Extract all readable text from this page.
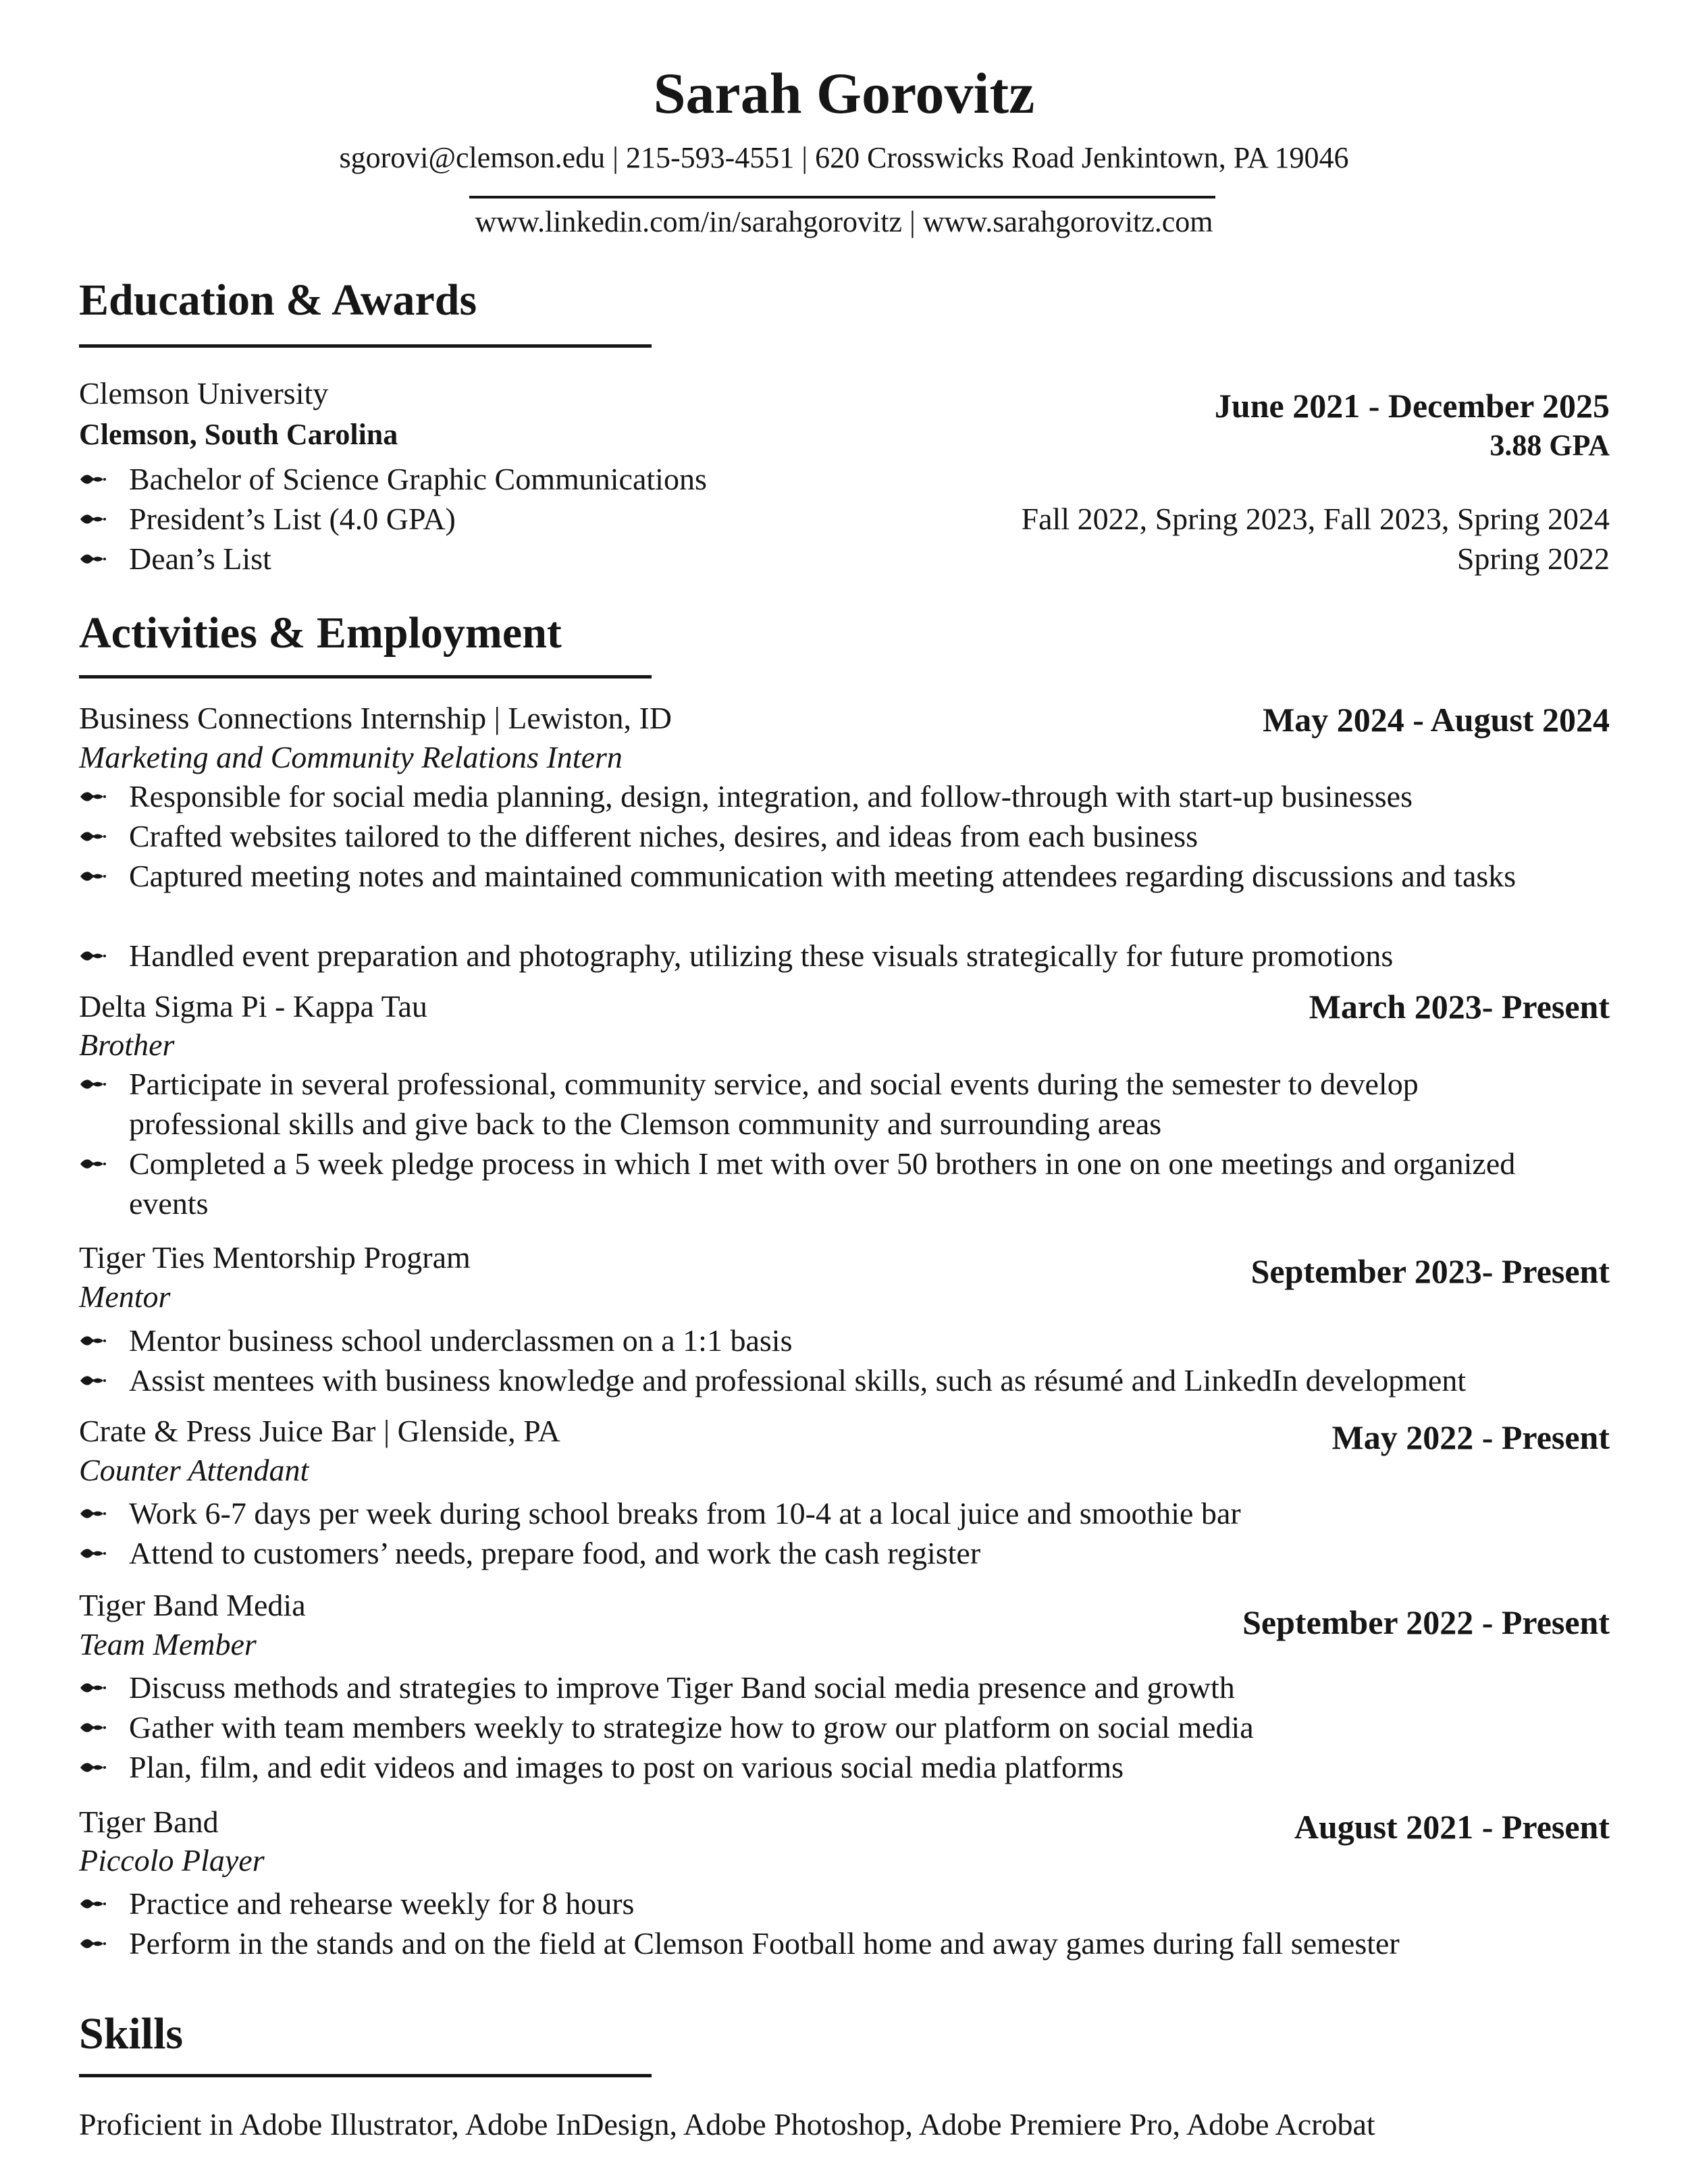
Sarah Gorovitz
sgorovi@clemson.edu | 215-593-4551 | 620 Crosswicks Road Jenkintown, PA 19046
www.linkedin.com/in/sarahgorovitz | www.sarahgorovitz.com
Education & Awards
Clemson University
Clemson, South Carolina
June 2021 - December 2025
3.88 GPA
Bachelor of Science Graphic Communications
President’s List (4.0 GPA)	Fall 2022, Spring 2023, Fall 2023, Spring 2024
Dean’s List	Spring 2022
Activities & Employment
Business Connections Internship | Lewiston, ID	May 2024 - August 2024
Marketing and Community Relations Intern
Responsible for social media planning, design, integration, and follow-through with start-up businesses
Crafted websites tailored to the different niches, desires, and ideas from each business
Captured meeting notes and maintained communication with meeting attendees regarding discussions and tasks
Handled event preparation and photography, utilizing these visuals strategically for future promotions
Delta Sigma Pi - Kappa Tau	March 2023- Present
Brother
Participate in several professional, community service, and social events during the semester to develop professional skills and give back to the Clemson community and surrounding areas
Completed a 5 week pledge process in which I met with over 50 brothers in one on one meetings and organized events
Tiger Ties Mentorship Program	September 2023- Present
Mentor
Mentor business school underclassmen on a 1:1 basis
Assist mentees with business knowledge and professional skills, such as résumé and LinkedIn development
Crate & Press Juice Bar | Glenside, PA	May 2022 - Present
Counter Attendant
Work 6-7 days per week during school breaks from 10-4 at a local juice and smoothie bar
Attend to customers’ needs, prepare food, and work the cash register
Tiger Band Media	September 2022 - Present
Team Member
Discuss methods and strategies to improve Tiger Band social media presence and growth
Gather with team members weekly to strategize how to grow our platform on social media
Plan, film, and edit videos and images to post on various social media platforms
Tiger Band	August 2021 - Present
Piccolo Player
Practice and rehearse weekly for 8 hours
Perform in the stands and on the field at Clemson Football home and away games during fall semester
Skills
Proficient in Adobe Illustrator, Adobe InDesign, Adobe Photoshop, Adobe Premiere Pro, Adobe Acrobat
